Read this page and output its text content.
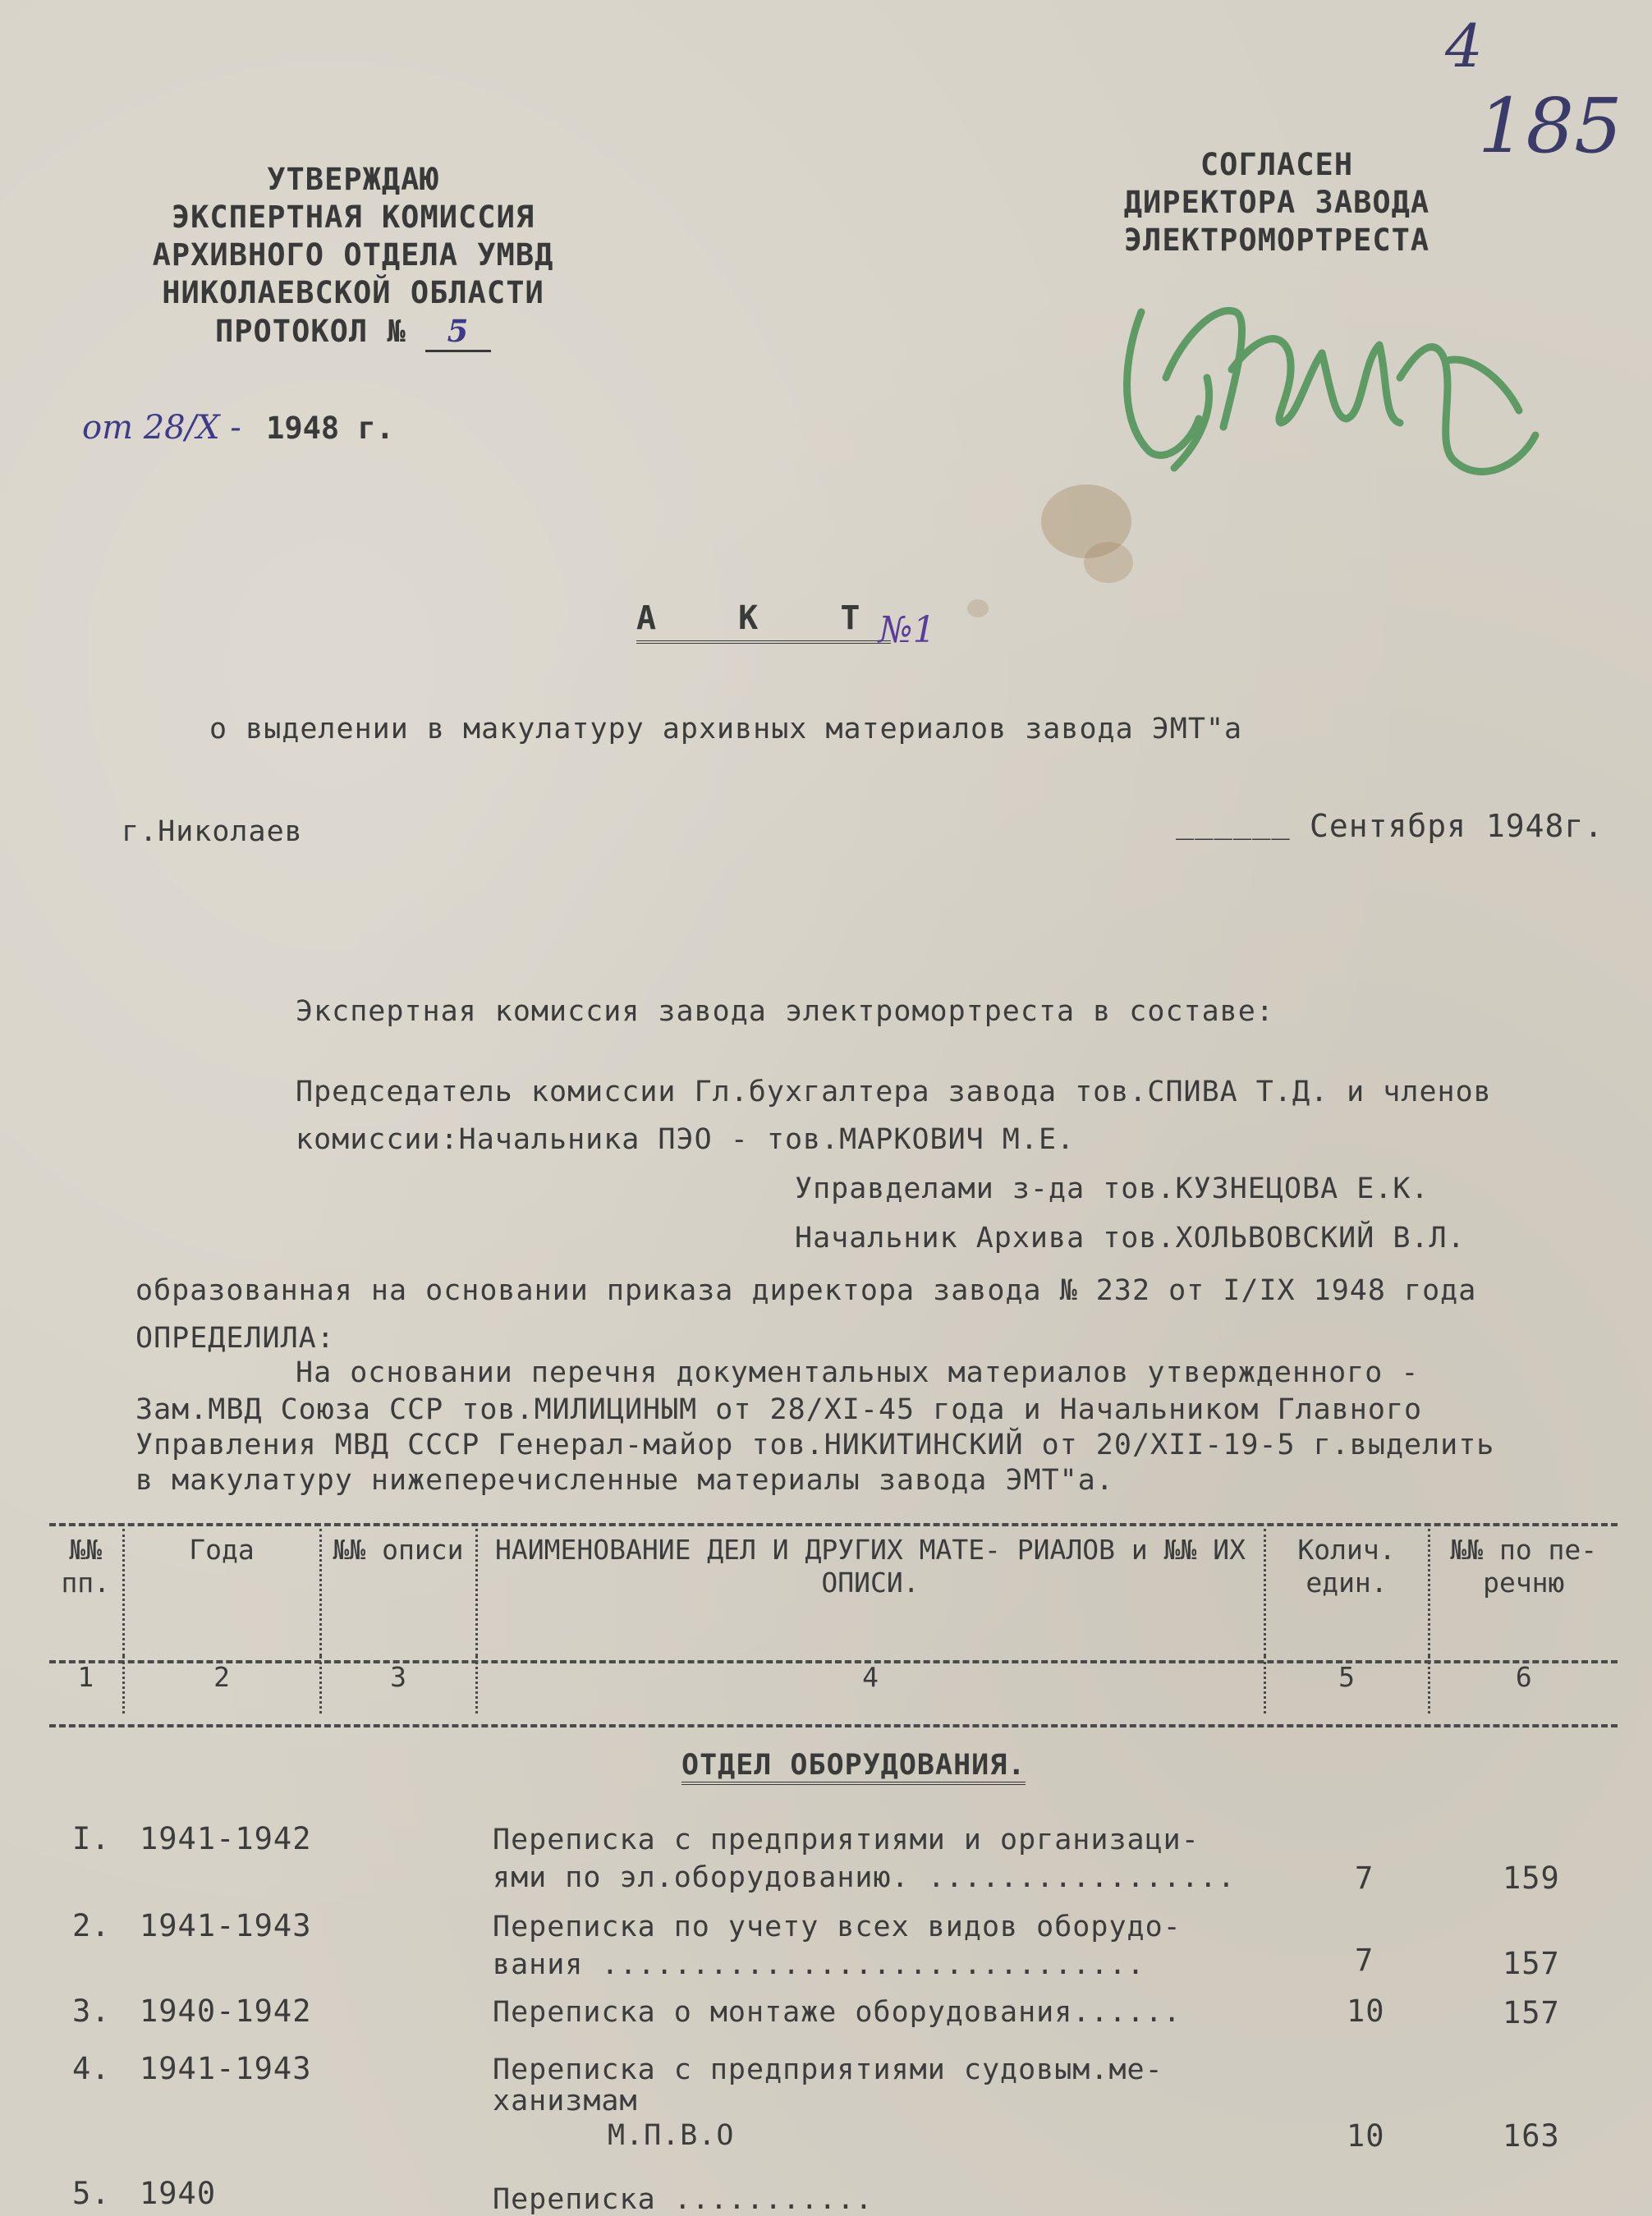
4
185
УТВЕРЖДАЮ
ЭКСПЕРТНАЯ КОМИССИЯ
АРХИВНОГО ОТДЕЛА УМВД
НИКОЛАЕВСКОЙ ОБЛАСТИ
ПРОТОКОЛ № 5
от 28/X - 1948 г.
СОГЛАСЕН
ДИРЕКТОРА ЗАВОДА
ЭЛЕКТРОМОРТРЕСТА
А К Т
№1
о выделении в макулатуру архивных материалов завода ЭМТ"а
г.Николаев	______ Сентября 1948г.
Экспертная комиссия завода электромортреста в составе:
Председатель комиссии Гл.бухгалтера завода тов.СПИВА Т.Д. и членов
комиссии:Начальника ПЭО - тов.МАРКОВИЧ М.Е.
Управделами з-да тов.КУЗНЕЦОВА Е.К.
Начальник Архива тов.ХОЛЬВОВСКИЙ В.Л.
образованная на основании приказа директора завода № 232 от I/IX 1948 года
ОПРЕДЕЛИЛА:
На основании перечня документальных материалов утвержденного -
Зам.МВД Союза ССР тов.МИЛИЦИНЫМ от 28/XI-45 года и Начальником Главного
Управления МВД СССР Генерал-майор тов.НИКИТИНСКИЙ от 20/XII-19-5 г.выделить
в макулатуру нижеперечисленные материалы завода ЭМТ"а.
№№ пп.	Года	№№ описи	НАИМЕНОВАНИЕ ДЕЛ И ДРУГИХ МАТЕ- РИАЛОВ и №№ ИХ ОПИСИ.	Колич. един.	№№ по пе- речню
1	2	3	4	5	6
ОТДЕЛ ОБОРУДОВАНИЯ.
I. 1941-1942	Переписка с предприятиями и организаци-
ями по эл.оборудованию. .................	7	159
2. 1941-1943	Переписка по учету всех видов оборудо-
вания ..............................	7	157
3. 1940-1942	Переписка о монтаже оборудования......	10	157
4. 1941-1943	Переписка с предприятиями судовым.ме-
ханизмам
М.П.В.О	10	163
5. 1940	Переписка ...........
